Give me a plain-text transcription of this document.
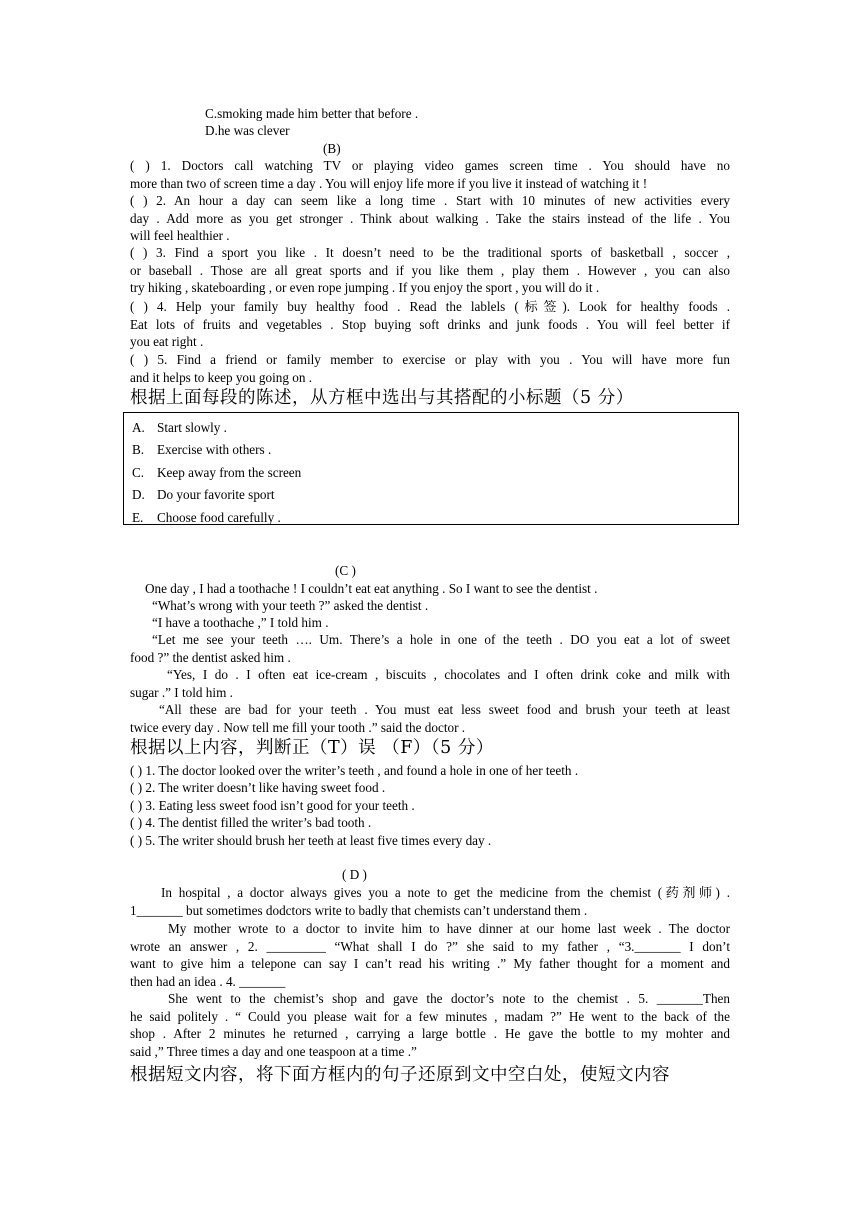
C.smoking made him better that before .
D.he was clever
(B)
( ) 1. Doctors call watching TV or playing video games screen time . You should have no
more than two of screen time a day . You will enjoy life more if you live it instead of watching it !
( ) 2. An hour a day can seem like a long time . Start with 10 minutes of new activities every
day . Add more as you get stronger . Think about walking . Take the stairs instead of the life . You
will feel healthier .
( ) 3. Find a sport you like . It doesn’t need to be the traditional sports of basketball , soccer ,
or baseball . Those are all great sports and if you like them , play them . However , you can also
try hiking , skateboarding , or even rope jumping . If you enjoy the sport , you will do it .
( ) 4. Help your family buy healthy food . Read the lablels (标签). Look for healthy foods .
Eat lots of fruits and vegetables . Stop buying soft drinks and junk foods . You will feel better if
you eat right .
( ) 5. Find a friend or family member to exercise or play with you . You will have more fun
and it helps to keep you going on .
根据上面每段的陈述，从方框中选出与其搭配的小标题（5 分）
A. Start slowly .
B. Exercise with others .
C. Keep away from the screen
D. Do your favorite sport
E. Choose food carefully .
(C )
One day , I had a toothache ! I couldn’t eat eat anything . So I want to see the dentist .
“What’s wrong with your teeth ?” asked the dentist .
“I have a toothache ,” I told him .
“Let me see your teeth …. Um. There’s a hole in one of the teeth . DO you eat a lot of sweet
food ?” the dentist asked him .
“Yes, I do . I often eat ice-cream , biscuits , chocolates and I often drink coke and milk with
sugar .” I told him .
“All these are bad for your teeth . You must eat less sweet food and brush your teeth at least
twice every day . Now tell me fill your tooth .” said the doctor .
根据以上内容，判断正（T）误 （F）（5 分）
( ) 1. The doctor looked over the writer’s teeth , and found a hole in one of her teeth .
( ) 2. The writer doesn’t like having sweet food .
( ) 3. Eating less sweet food isn’t good for your teeth .
( ) 4. The dentist filled the writer’s bad tooth .
( ) 5. The writer should brush her teeth at least five times every day .
( D )
In hospital , a doctor always gives you a note to get the medicine from the chemist (药剂师) .
1_______ but sometimes dodctors write to badly that chemists can’t understand them .
My mother wrote to a doctor to invite him to have dinner at our home last week . The doctor
wrote an answer , 2. _________ “What shall I do ?” she said to my father , “3._______ I don’t
want to give him a telepone can say I can’t read his writing .” My father thought for a moment and
then had an idea . 4. _______
She went to the chemist’s shop and gave the doctor’s note to the chemist . 5. _______Then
he said politely . “ Could you please wait for a few minutes , madam ?” He went to the back of the
shop . After 2 minutes he returned , carrying a large bottle . He gave the bottle to my mohter and
said ,” Three times a day and one teaspoon at a time .”
根据短文内容，将下面方框内的句子还原到文中空白处，使短文内容
